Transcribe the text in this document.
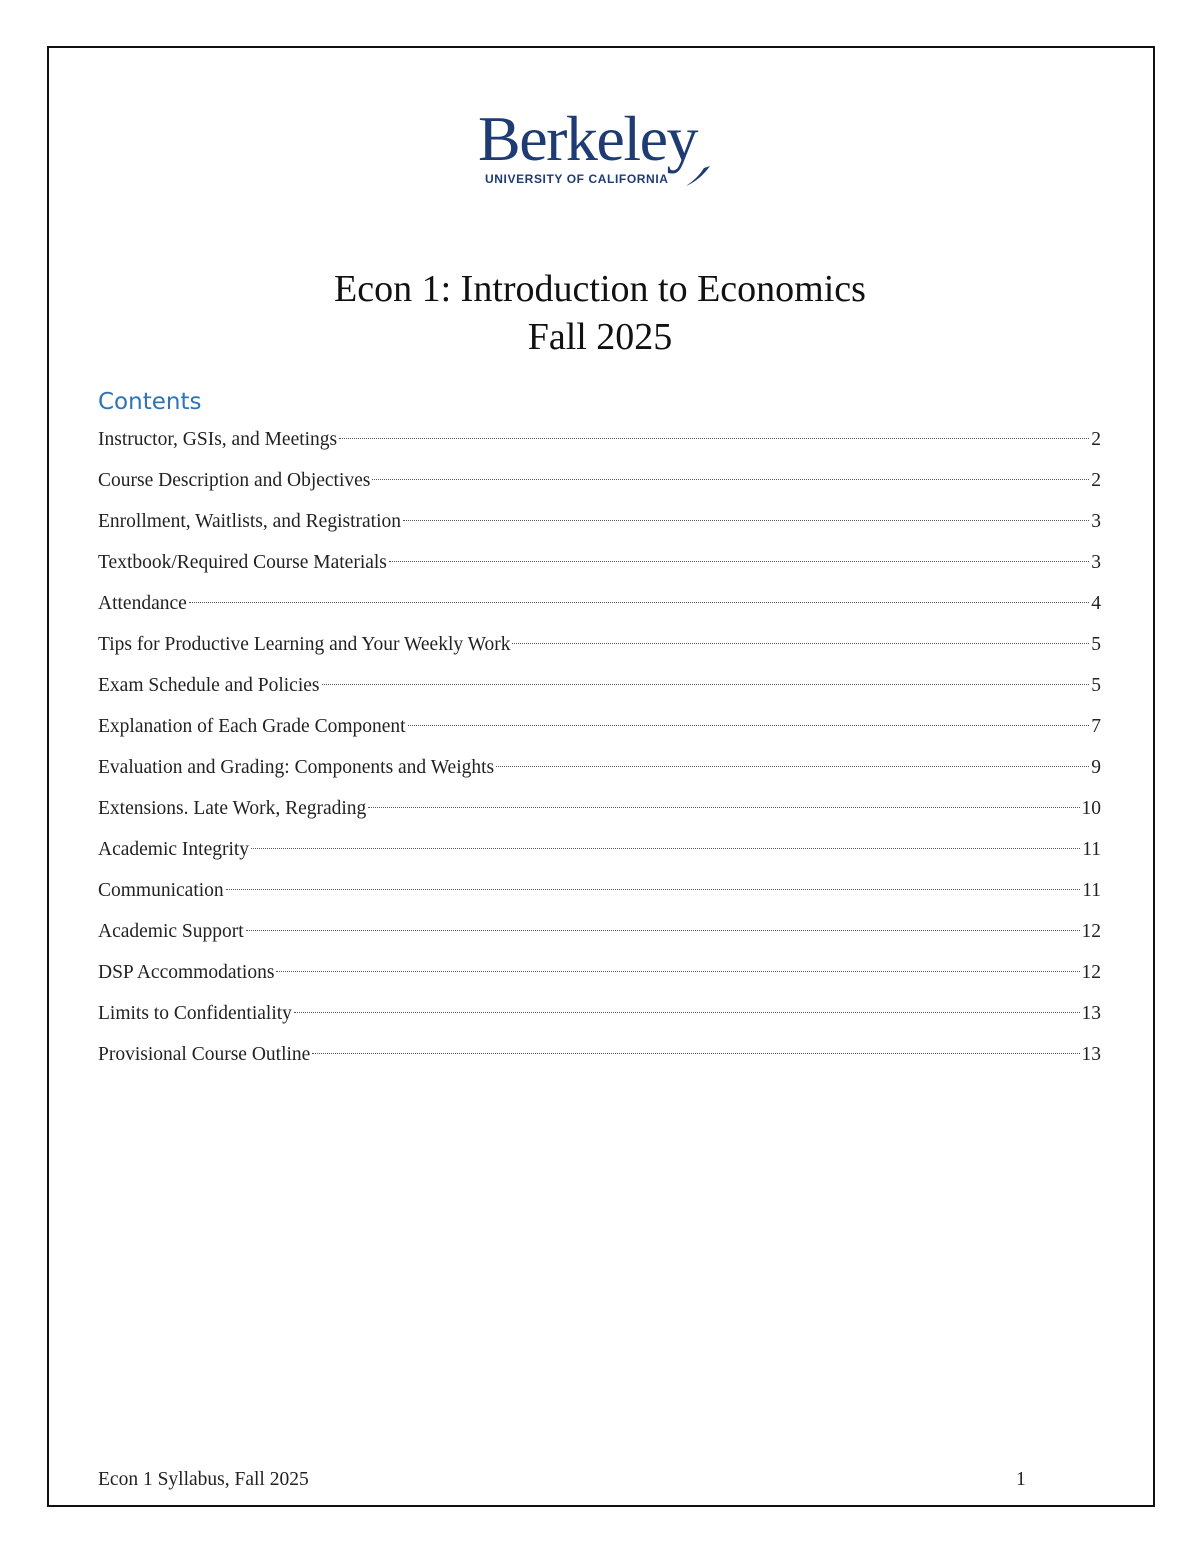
Berkeley
UNIVERSITY OF CALIFORNIA
Econ 1: Introduction to Economics
Fall 2025
Contents
Instructor, GSIs, and Meetings	2
Course Description and Objectives	2
Enrollment, Waitlists, and Registration	3
Textbook/Required Course Materials	3
Attendance	4
Tips for Productive Learning and Your Weekly Work	5
Exam Schedule and Policies	5
Explanation of Each Grade Component	7
Evaluation and Grading: Components and Weights	9
Extensions. Late Work, Regrading	10
Academic Integrity	11
Communication	11
Academic Support	12
DSP Accommodations	12
Limits to Confidentiality	13
Provisional Course Outline	13
Econ 1 Syllabus, Fall 2025	1
